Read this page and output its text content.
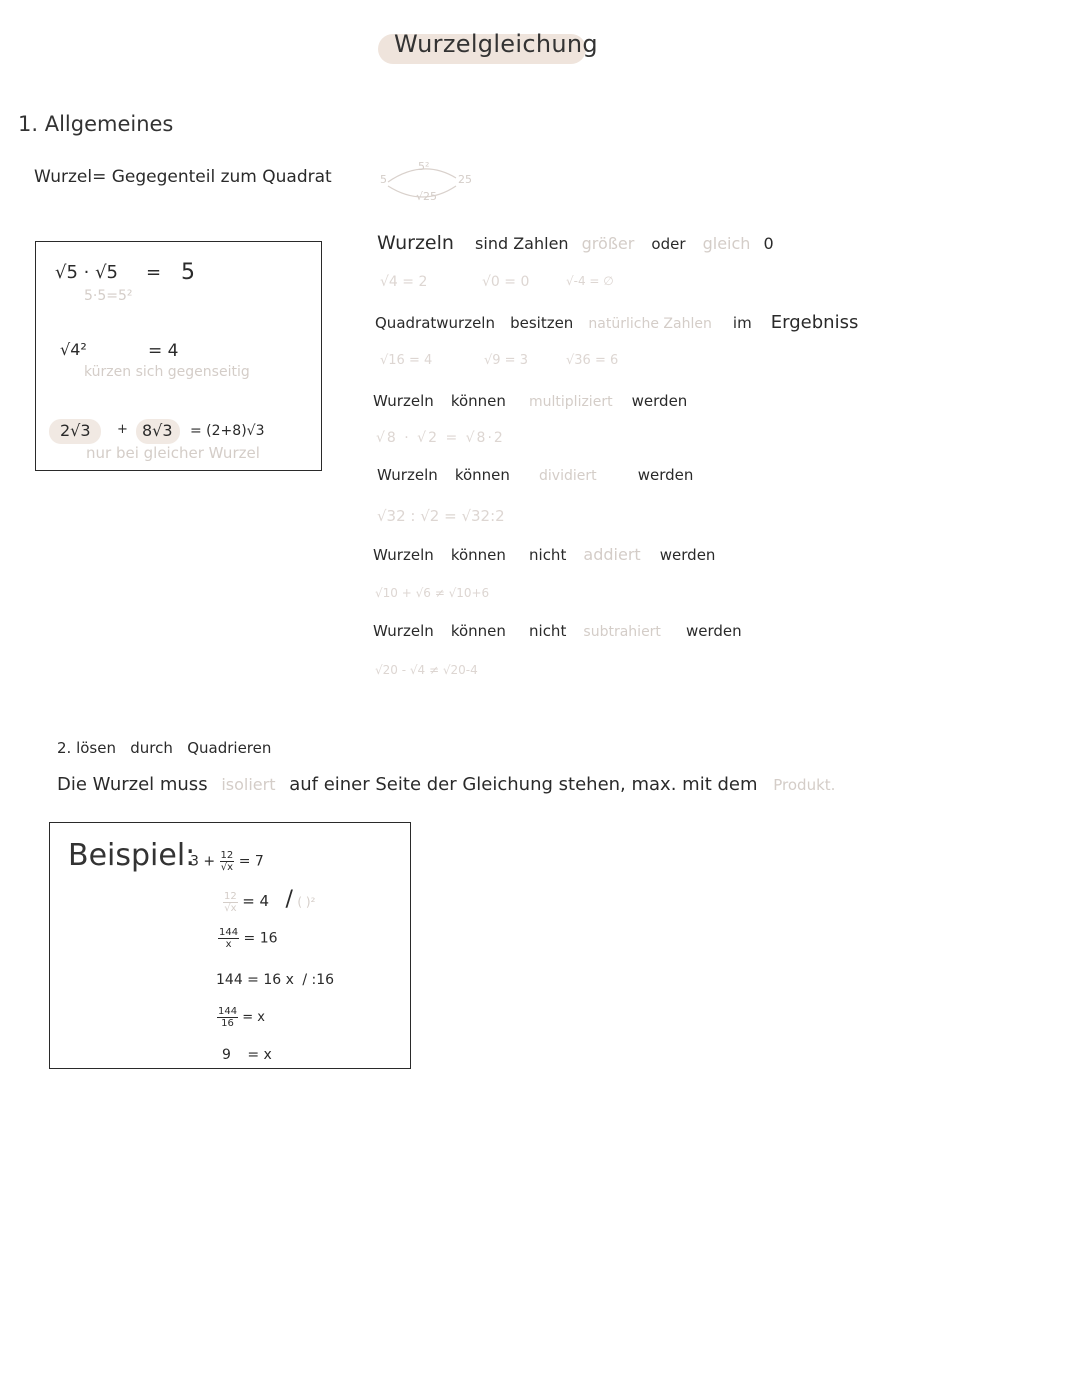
Wurzelgleichung
1. Allgemeines
Wurzel= Gegegenteil zum Quadrat	5
5²
25
√25
√5 · √5 = 5
5·5=5²
√4²	= 4
kürzen sich gegenseitig
2√3 + 8√3 = (2+8)√3
nur bei gleicher Wurzel
Wurzeln sind Zahlen größer oder gleich 0
√4 = 2	√0 = 0	√-4 = ∅
Quadratwurzeln besitzen natürliche Zahlen im Ergebniss
√16 = 4	√9 = 3	√36 = 6
Wurzeln können multipliziert werden
√8 · √2 = √8·2
Wurzeln können dividiert	werden
√32 : √2 = √32:2
Wurzeln können nicht addiert werden
√10 + √6 ≠ √10+6
Wurzeln können nicht subtrahiert werden
√20 - √4 ≠ √20-4
2. lösen   durch   Quadrieren
Die Wurzel muss isoliert auf einer Seite der Gleichung stehen, max. mit dem Produkt.
Beispiel:
$3 + \frac{12}{√x} = 7$
$\frac{12}{√x} = 4$ / ( )²
$\frac{144}{x} = 16$
144 = 16 x / :16
$\frac{144}{16} = x$
9 = x
